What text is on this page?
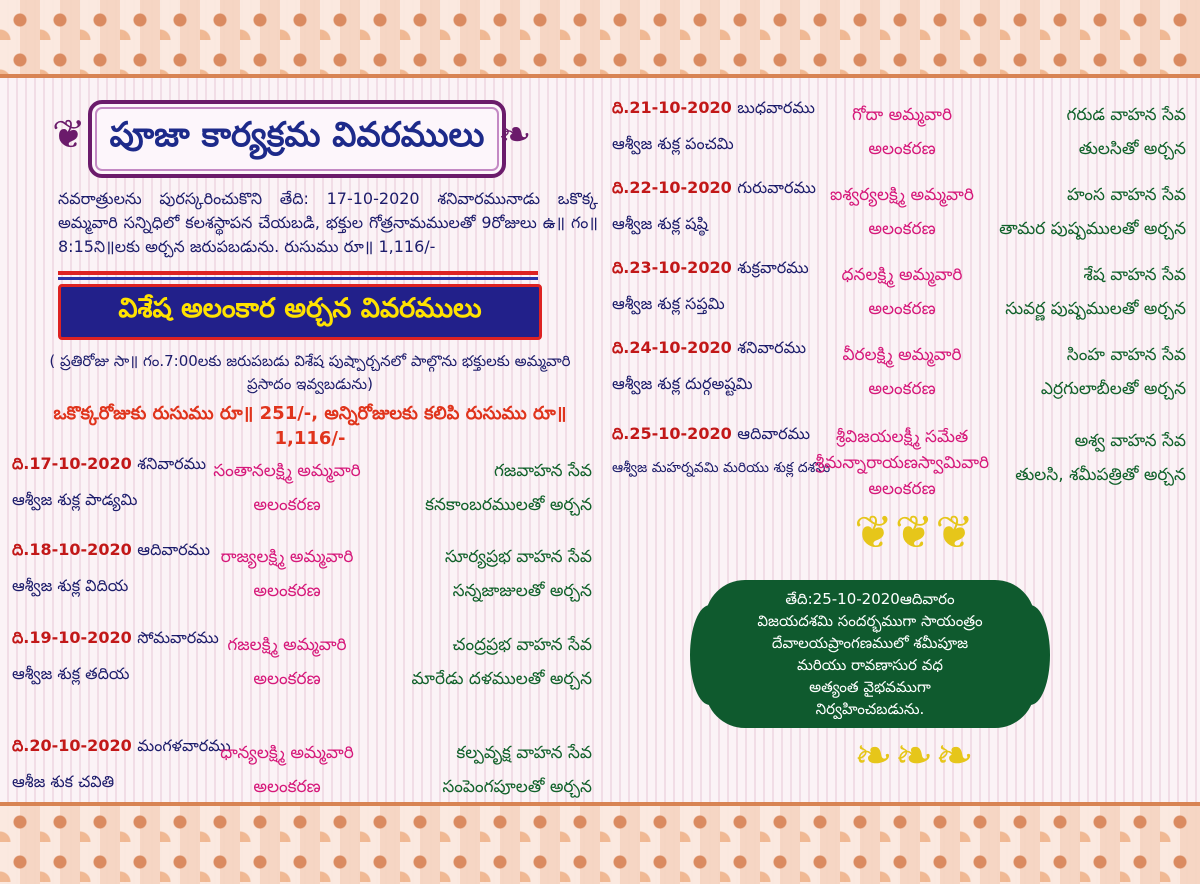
❦ పూజా కార్యక్రమ వివరములు ❧
నవరాత్రులను పురస్కరించుకొని తేది: 17-10-2020 శనివారమునాడు ఒకొక్క అమ్మవారి సన్నిధిలో కలశస్థాపన చేయబడి, భక్తుల గోత్రనామములతో 9రోజులు ఉ॥ గం॥8:15ని॥లకు అర్చన జరుపబడును. రుసుము రూ॥ 1,116/-
విశేష అలంకార అర్చన వివరములు
( ప్రతిరోజు సా॥ గం.7:00లకు జరుపబడు విశేష పుష్పార్చనలో పాల్గొను భక్తులకు అమ్మవారి ప్రసాదం ఇవ్వబడును)
ఒకొక్కరోజుకు రుసుము రూ॥ 251/-, అన్నిరోజులకు కలిపి రుసుము రూ॥ 1,116/-
ది.17-10-2020 శనివారము
ఆశ్వీజ శుక్ల పాడ్యమి
సంతానలక్ష్మి అమ్మవారి
అలంకరణ
గజవాహన సేవ
కనకాంబరములతో అర్చన
ది.18-10-2020 ఆదివారము
ఆశ్వీజ శుక్ల విదియ
రాజ్యలక్ష్మి అమ్మవారి
అలంకరణ
సూర్యప్రభ వాహన సేవ
సన్నజాజులతో అర్చన
ది.19-10-2020 సోమవారము
ఆశ్వీజ శుక్ల తదియ
గజలక్ష్మి అమ్మవారి
అలంకరణ
చంద్రప్రభ వాహన సేవ
మారేడు దళములతో అర్చన
ది.20-10-2020 మంగళవారము
ఆశీజ శుక చవితి
ధాన్యలక్ష్మి అమ్మవారి
అలంకరణ
కల్పవృక్ష వాహన సేవ
సంపెంగపూలతో అర్చన
ది.21-10-2020 బుధవారము
ఆశ్వీజ శుక్ల పంచమి
గోదా అమ్మవారి
అలంకరణ
గరుడ వాహన సేవ
తులసితో అర్చన
ది.22-10-2020 గురువారము
ఆశ్వీజ శుక్ల షష్ఠి
ఐశ్వర్యలక్ష్మి అమ్మవారి
అలంకరణ
హంస వాహన సేవ
తామర పుష్పములతో అర్చన
ది.23-10-2020 శుక్రవారము
ఆశ్వీజ శుక్ల సప్తమి
ధనలక్ష్మి అమ్మవారి
అలంకరణ
శేష వాహన సేవ
సువర్ణ పుష్పములతో అర్చన
ది.24-10-2020 శనివారము
ఆశ్వీజ శుక్ల దుర్గఅష్టమి
వీరలక్ష్మి అమ్మవారి
అలంకరణ
సింహ వాహన సేవ
ఎర్రగులాబీలతో అర్చన
ది.25-10-2020 ఆదివారము
ఆశ్వీజ మహర్నవమి మరియు శుక్ల దశమి
శ్రీవిజయలక్ష్మీ సమేత
శ్రీమన్నారాయణస్వామివారి
అలంకరణ
అశ్వ వాహన సేవ
తులసి, శమీపత్రితో అర్చన
❦❦❦
తేది:25-10-2020ఆదివారం
విజయదశమి సందర్భముగా సాయంత్రం
దేవాలయప్రాంగణములో శమీపూజ
మరియు రావణాసుర వధ
అత్యంత వైభవముగా
నిర్వహించబడును.
❧❧❧
